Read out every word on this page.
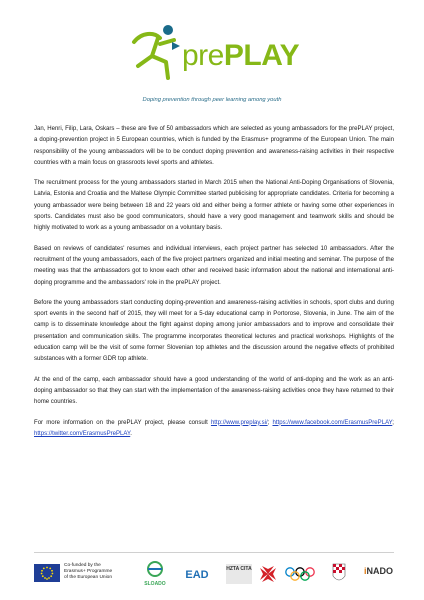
prePLAY
Doping prevention through peer learning among youth

Jan, Henri, Filip, Lara, Oskars – these are five of 50 ambassadors which are selected as young ambassadors for the prePLAY project, a doping-prevention project in 5 European countries, which is funded by the Erasmus+ programme of the European Union. The main responsibility of the young ambassadors will be to be conduct doping prevention and awareness-raising activities in their respective countries with a main focus on grassroots level sports and athletes.

The recruitment process for the young ambassadors started in March 2015 when the National Anti-Doping Organisations of Slovenia, Latvia, Estonia and Croatia and the Maltese Olympic Committee started publicising for appropriate candidates. Criteria for becoming a young ambassador were being between 18 and 22 years old and either being a former athlete or having some other experiences in sports. Candidates must also be good communicators, should have a very good management and teamwork skills and should be highly motivated to work as a young ambassador on a voluntary basis.

Based on reviews of candidates' resumes and individual interviews, each project partner has selected 10 ambassadors. After the recruitment of the young ambassadors, each of the five project partners organized and initial meeting and seminar. The purpose of the meeting was that the ambassadors got to know each other and received basic information about the national and international anti-doping programme and the ambassadors' role in the prePLAY project.

Before the young ambassadors start conducting doping-prevention and awareness-raising activities in schools, sport clubs and during sport events in the second half of 2015, they will meet for a 5-day educational camp in Portorose, Slovenia, in June. The aim of the camp is to disseminate knowledge about the fight against doping among junior ambassadors and to improve and consolidate their presentation and communication skills. The programme incorporates theoretical lectures and practical workshops. Highlights of the education camp will be the visit of some former Slovenian top athletes and the discussion around the negative effects of prohibited substances with a former GDR top athlete.

At the end of the camp, each ambassador should have a good understanding of the world of anti-doping and the work as an anti-doping ambassador so that they can start with the implementation of the awareness-raising activities once they have returned to their home countries.

For more information on the prePLAY project, please consult http://www.preplay.si/; https://www.facebook.com/ErasmusPrePLAY; https://twitter.com/ErasmusPrePLAY.

Co-funded by the
Erasmus+ Programme
of the European Union
SLOADO
EAD	HZTA CITA	iNADO
